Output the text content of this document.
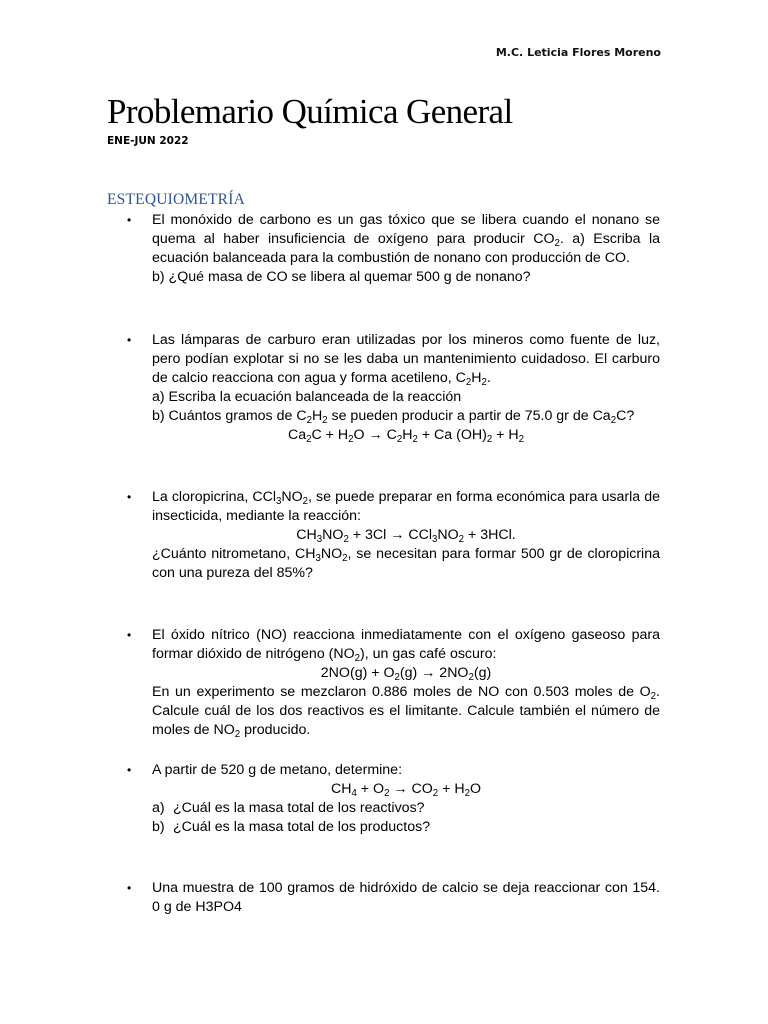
M.C. Leticia Flores Moreno
Problemario Química General
ENE-JUN 2022
ESTEQUIOMETRÍA
• El monóxido de carbono es un gas tóxico que se libera cuando el nonano se quema al haber insuficiencia de oxígeno para producir $CO_2$. a) Escriba la ecuación balanceada para la combustión de nonano con producción de CO.

b) ¿Qué masa de CO se libera al quemar 500 g de nonano?

• Las lámparas de carburo eran utilizadas por los mineros como fuente de luz, pero podían explotar si no se les daba un mantenimiento cuidadoso. El carburo de calcio reacciona con agua y forma acetileno, $C_2H_2$.

a) Escriba la ecuación balanceada de la reacción

b) Cuántos gramos de $C_2H_2$ se pueden producir a partir de 75.0 gr de $Ca_2C$?

$Ca_2C + H_2O \to C_2H_2 + Ca$ $(OH)_2 + H_2$

• La cloropicrina, $CCl_3NO_2$, se puede preparar en forma económica para usarla de insecticida, mediante la reacción:

$CH_3NO_2 + 3Cl \to CCl_3NO_2 + 3HCl$.

¿Cuánto nitrometano, $CH_3NO_2$, se necesitan para formar 500 gr de cloropicrina con una pureza del 85%?

• El óxido nítrico (NO) reacciona inmediatamente con el oxígeno gaseoso para formar dióxido de nitrógeno $(NO_2)$, un gas café oscuro:

$2NO(g) + O_2(g) \to 2NO_2(g)$

En un experimento se mezclaron 0.886 moles de NO con 0.503 moles de $O_2$. Calcule cuál de los dos reactivos es el limitante. Calcule también el número de moles de $NO_2$ producido.

• A partir de 520 g de metano, determine:

$CH_4 + O_2 \to CO_2 + H_2O$

a) ¿Cuál es la masa total de los reactivos?
b) ¿Cuál es la masa total de los productos?
• Una muestra de 100 gramos de hidróxido de calcio se deja reaccionar con 154. 0 g de H3PO4
